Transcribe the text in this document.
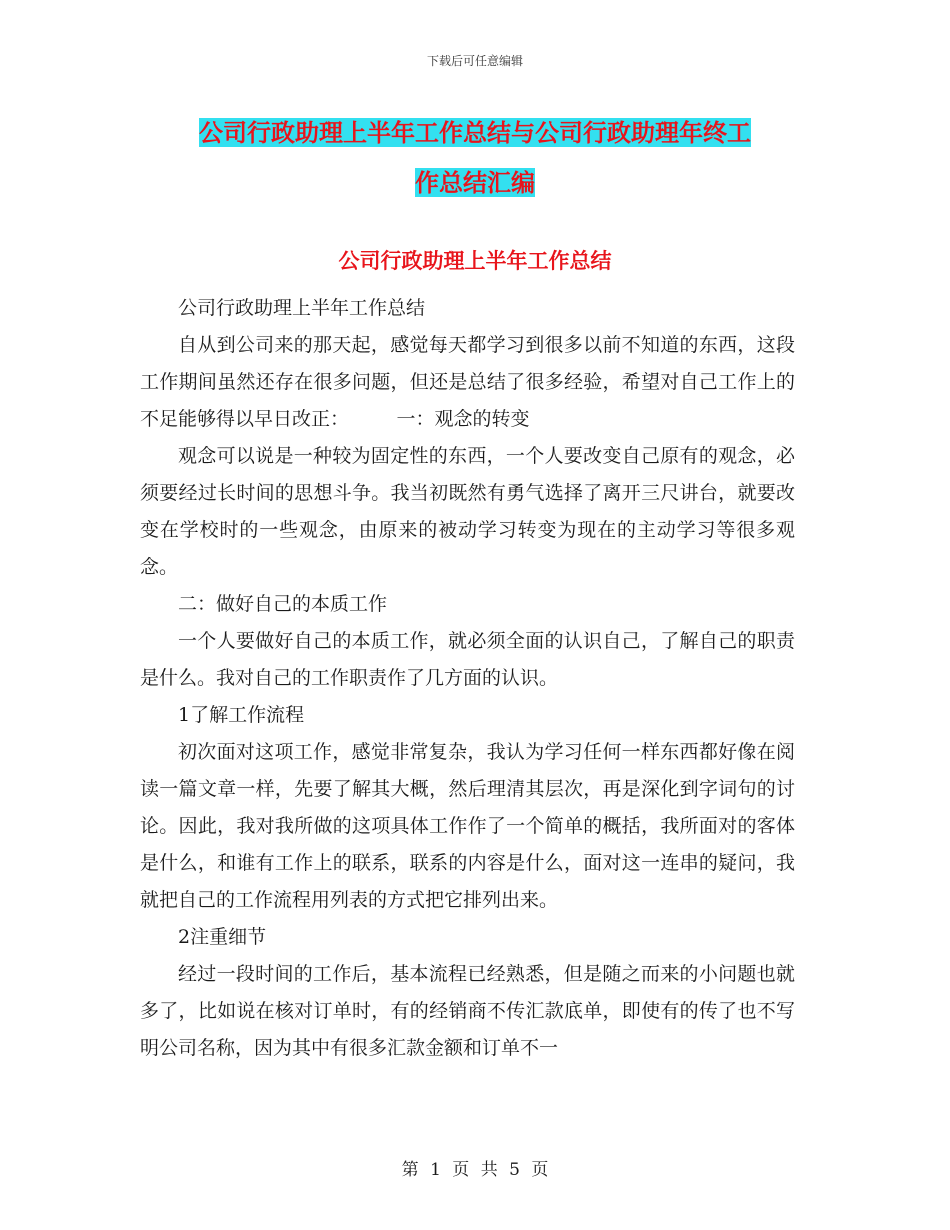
下载后可任意编辑
公司行政助理上半年工作总结与公司行政助理年终工
作总结汇编
公司行政助理上半年工作总结

公司行政助理上半年工作总结

自从到公司来的那天起，感觉每天都学习到很多以前不知道的东西，这段工作期间虽然还存在很多问题，但还是总结了很多经验，希望对自己工作上的不足能够得以早日改正：　　　一：观念的转变

观念可以说是一种较为固定性的东西，一个人要改变自己原有的观念，必须要经过长时间的思想斗争。我当初既然有勇气选择了离开三尺讲台，就要改变在学校时的一些观念，由原来的被动学习转变为现在的主动学习等很多观念。

二：做好自己的本质工作

一个人要做好自己的本质工作，就必须全面的认识自己，了解自己的职责是什么。我对自己的工作职责作了几方面的认识。

1了解工作流程

初次面对这项工作，感觉非常复杂，我认为学习任何一样东西都好像在阅读一篇文章一样，先要了解其大概，然后理清其层次，再是深化到字词句的讨论。因此，我对我所做的这项具体工作作了一个简单的概括，我所面对的客体是什么，和谁有工作上的联系，联系的内容是什么，面对这一连串的疑问，我就把自己的工作流程用列表的方式把它排列出来。

2注重细节

经过一段时间的工作后，基本流程已经熟悉，但是随之而来的小问题也就多了，比如说在核对订单时，有的经销商不传汇款底单，即使有的传了也不写明公司名称，因为其中有很多汇款金额和订单不一

第 1 页 共 5 页
